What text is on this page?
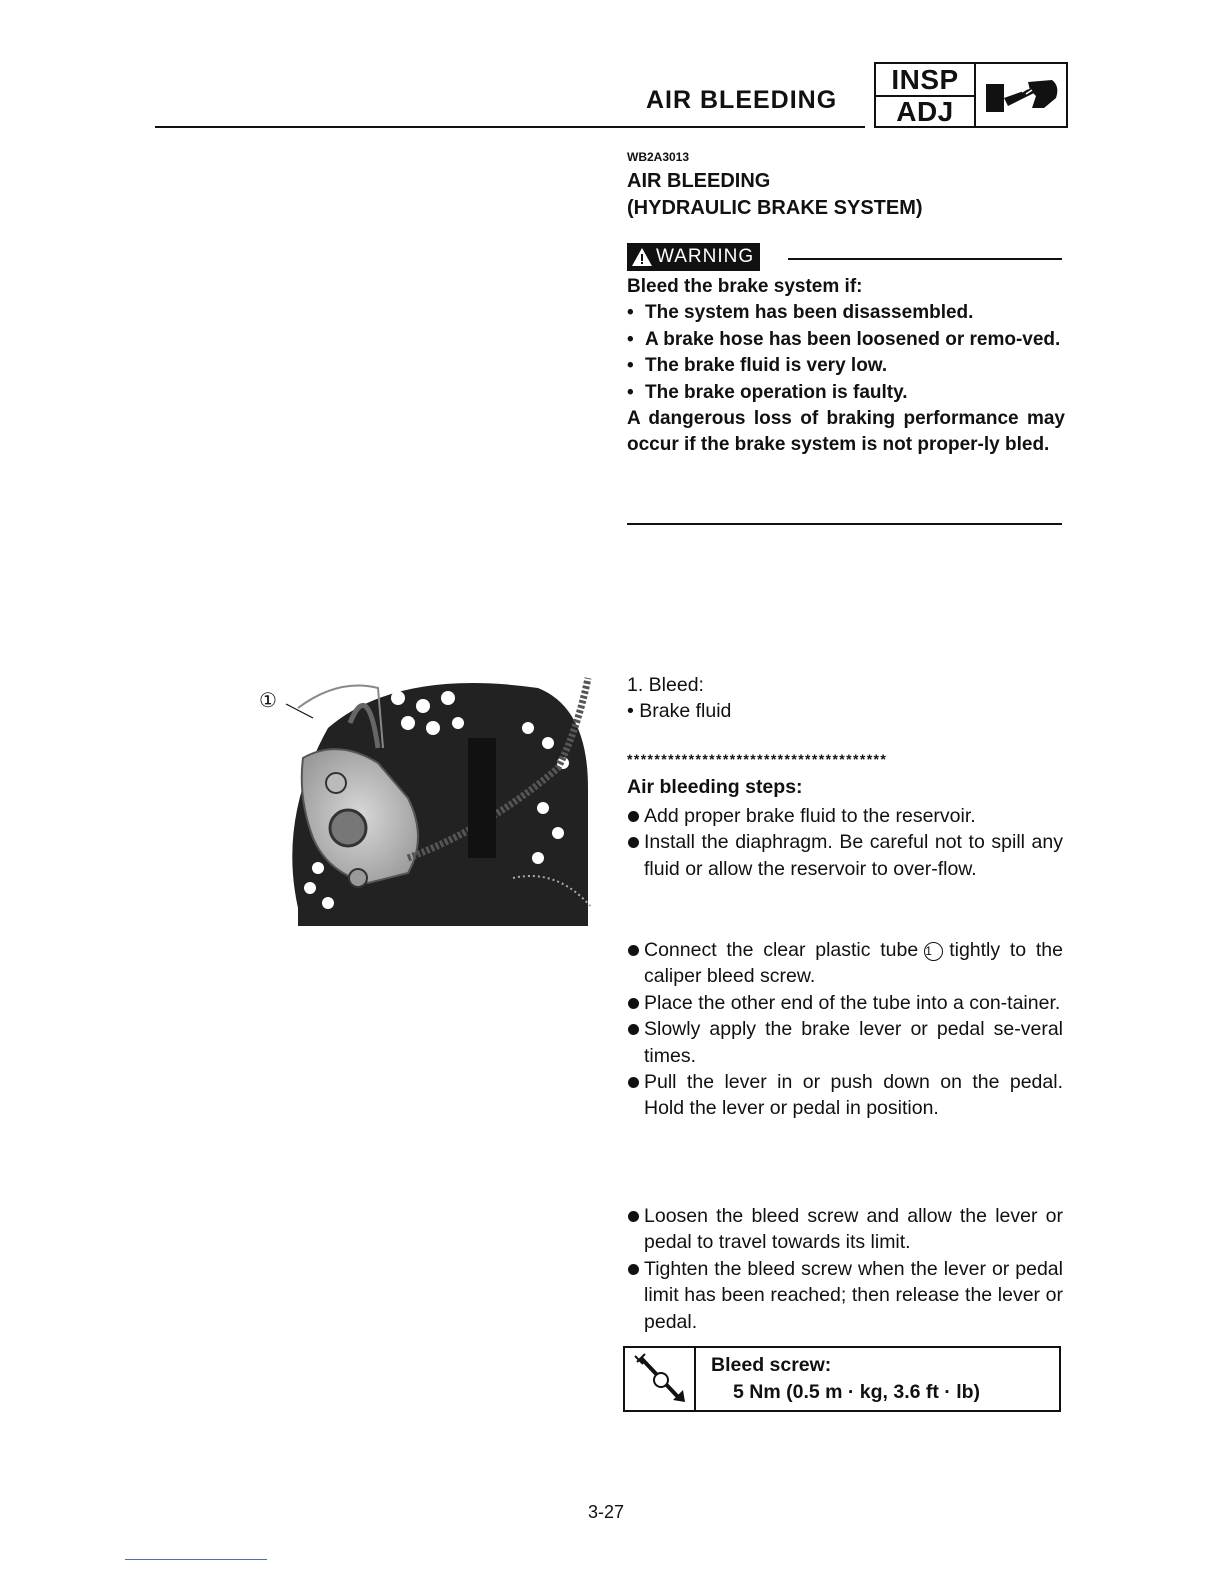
AIR BLEEDING
INSP
ADJ
WB2A3013
AIR BLEEDING
(HYDRAULIC BRAKE SYSTEM)
WARNING

Bleed the brake system if:

• The system has been disassembled.
• A brake hose has been loosened or remo-ved.
• The brake fluid is very low.
• The brake operation is faulty.

A dangerous loss of braking performance may occur if the brake system is not proper-ly bled.

①

1. Bleed:

• Brake fluid

**************************************
Air bleeding steps:
Add proper brake fluid to the reservoir.
Install the diaphragm. Be careful not to spill any fluid or allow the reservoir to over-flow.
Connect the clear plastic tube 1 tightly to the caliper bleed screw.
Place the other end of the tube into a con-tainer.
Slowly apply the brake lever or pedal se-veral times.
Pull the lever in or push down on the pedal. Hold the lever or pedal in position.
Loosen the bleed screw and allow the lever or pedal to travel towards its limit.
Tighten the bleed screw when the lever or pedal limit has been reached; then release the lever or pedal.
Bleed screw:
5 Nm (0.5 m · kg, 3.6 ft · lb)
3-27
